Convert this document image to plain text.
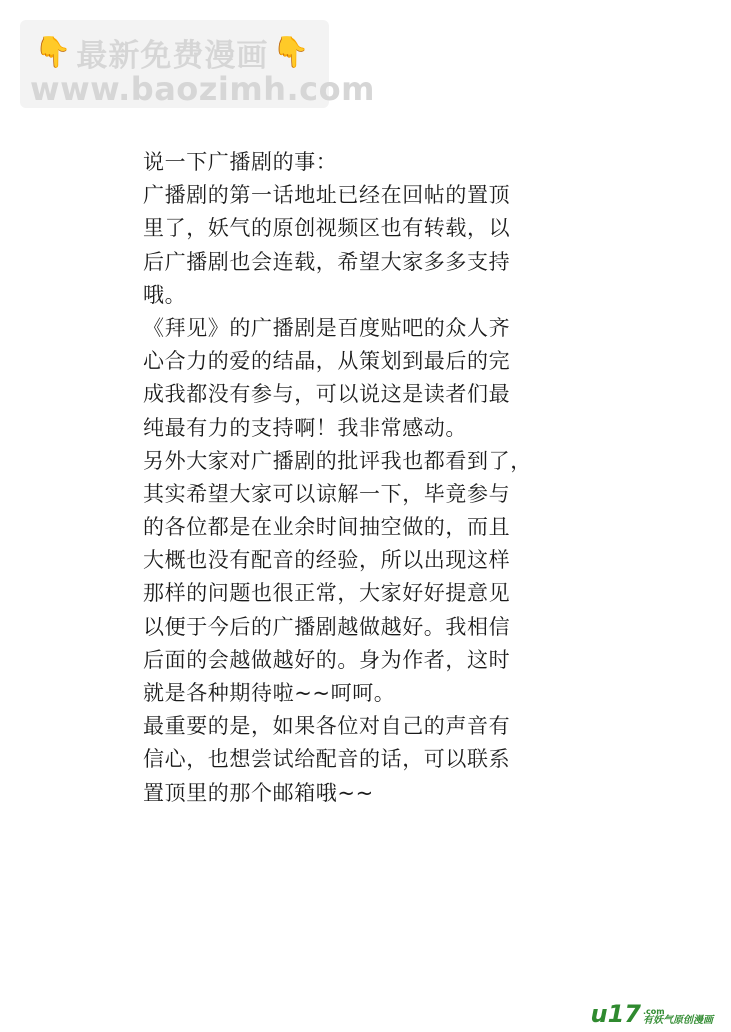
👇 最新免费漫画 👇
www.baozimh.com
说一下广播剧的事：
广播剧的第一话地址已经在回帖的置顶
里了，妖气的原创视频区也有转载，以
后广播剧也会连载，希望大家多多支持
哦。
《拜见》的广播剧是百度贴吧的众人齐
心合力的爱的结晶，从策划到最后的完
成我都没有参与，可以说这是读者们最
纯最有力的支持啊！我非常感动。
另外大家对广播剧的批评我也都看到了，
其实希望大家可以谅解一下，毕竟参与
的各位都是在业余时间抽空做的，而且
大概也没有配音的经验，所以出现这样
那样的问题也很正常，大家好好提意见
以便于今后的广播剧越做越好。我相信
后面的会越做越好的。身为作者，这时
就是各种期待啦~~呵呵。
最重要的是，如果各位对自己的声音有
信心，也想尝试给配音的话，可以联系
置顶里的那个邮箱哦~~
u17 .com
有妖气原创漫画
